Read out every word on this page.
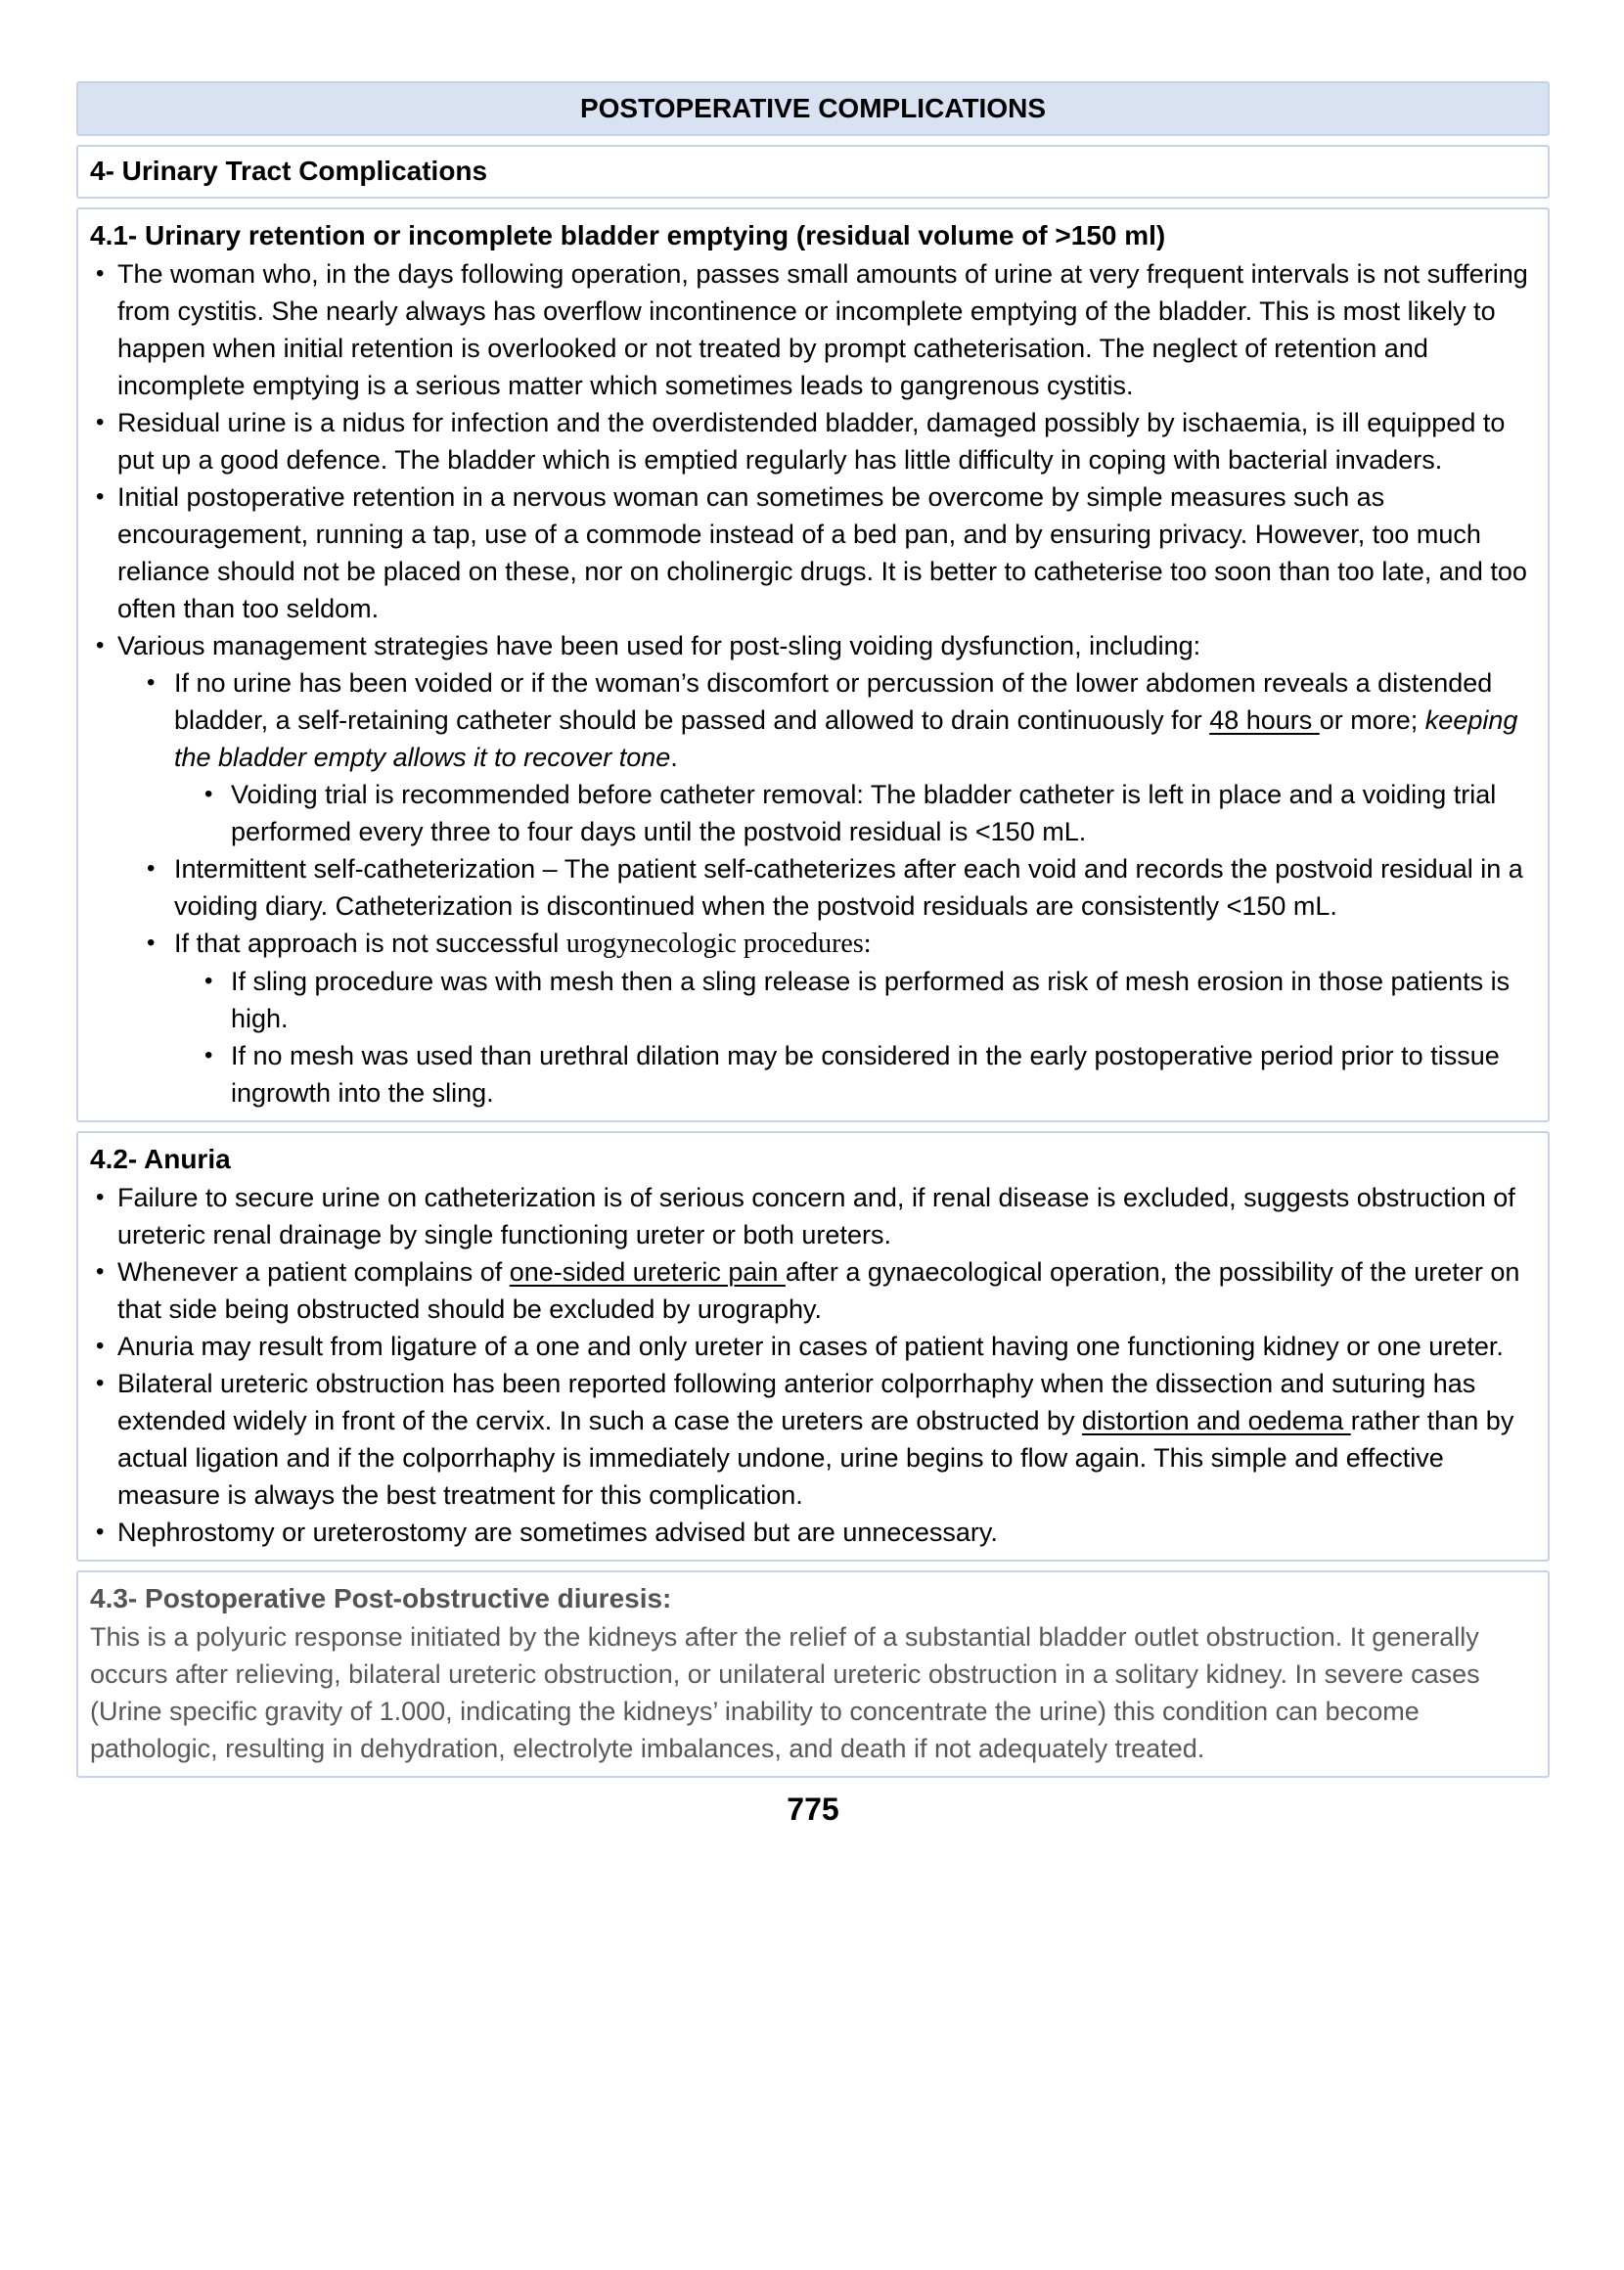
POSTOPERATIVE COMPLICATIONS
4- Urinary Tract Complications
4.1- Urinary retention or incomplete bladder emptying (residual volume of >150 ml)
• The woman who, in the days following operation, passes small amounts of urine at very frequent intervals is not suffering from cystitis. She nearly always has overflow incontinence or incomplete emptying of the bladder. This is most likely to happen when initial retention is overlooked or not treated by prompt catheterisation. The neglect of retention and incomplete emptying is a serious matter which sometimes leads to gangrenous cystitis.
• Residual urine is a nidus for infection and the overdistended bladder, damaged possibly by ischaemia, is ill equipped to put up a good defence. The bladder which is emptied regularly has little difficulty in coping with bacterial invaders.
• Initial postoperative retention in a nervous woman can sometimes be overcome by simple measures such as encouragement, running a tap, use of a commode instead of a bed pan, and by ensuring privacy. However, too much reliance should not be placed on these, nor on cholinergic drugs. It is better to catheterise too soon than too late, and too often than too seldom.
• Various management strategies have been used for post-sling voiding dysfunction, including:
• If no urine has been voided or if the woman’s discomfort or percussion of the lower abdomen reveals a distended bladder, a self-retaining catheter should be passed and allowed to drain continuously for 48 hours or more; keeping the bladder empty allows it to recover tone.
• Voiding trial is recommended before catheter removal: The bladder catheter is left in place and a voiding trial performed every three to four days until the postvoid residual is <150 mL.
• Intermittent self-catheterization – The patient self-catheterizes after each void and records the postvoid residual in a voiding diary. Catheterization is discontinued when the postvoid residuals are consistently <150 mL.
• If that approach is not successful urogynecologic procedures:
• If sling procedure was with mesh then a sling release is performed as risk of mesh erosion in those patients is high.
• If no mesh was used than urethral dilation may be considered in the early postoperative period prior to tissue ingrowth into the sling.
4.2- Anuria
• Failure to secure urine on catheterization is of serious concern and, if renal disease is excluded, suggests obstruction of ureteric renal drainage by single functioning ureter or both ureters.
• Whenever a patient complains of one-sided ureteric pain after a gynaecological operation, the possibility of the ureter on that side being obstructed should be excluded by urography.
• Anuria may result from ligature of a one and only ureter in cases of patient having one functioning kidney or one ureter.
• Bilateral ureteric obstruction has been reported following anterior colporrhaphy when the dissection and suturing has extended widely in front of the cervix. In such a case the ureters are obstructed by distortion and oedema rather than by actual ligation and if the colporrhaphy is immediately undone, urine begins to flow again. This simple and effective measure is always the best treatment for this complication.
• Nephrostomy or ureterostomy are sometimes advised but are unnecessary.
4.3- Postoperative Post-obstructive diuresis:
This is a polyuric response initiated by the kidneys after the relief of a substantial bladder outlet obstruction. It generally occurs after relieving, bilateral ureteric obstruction, or unilateral ureteric obstruction in a solitary kidney. In severe cases (Urine specific gravity of 1.000, indicating the kidneys’ inability to concentrate the urine) this condition can become pathologic, resulting in dehydration, electrolyte imbalances, and death if not adequately treated.
775
